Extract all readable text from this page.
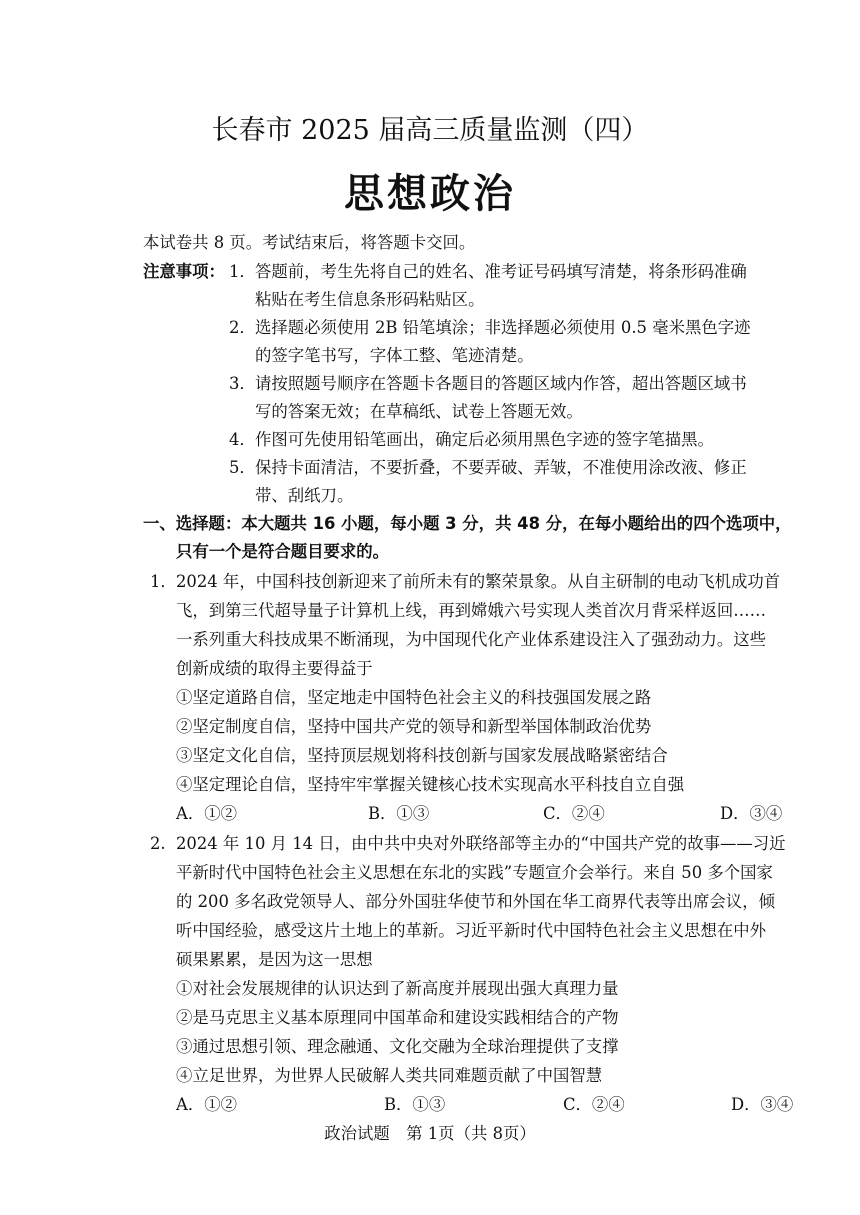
长春市 2025 届高三质量监测（四）
思想政治
本试卷共 8 页。考试结束后，将答题卡交回。
注意事项： 1． 答题前，考生先将自己的姓名、准考证号码填写清楚，将条形码准确
粘贴在考生信息条形码粘贴区。
2． 选择题必须使用 2B 铅笔填涂；非选择题必须使用 0.5 毫米黑色字迹
的签字笔书写，字体工整、笔迹清楚。
3． 请按照题号顺序在答题卡各题目的答题区域内作答，超出答题区域书
写的答案无效；在草稿纸、试卷上答题无效。
4． 作图可先使用铅笔画出，确定后必须用黑色字迹的签字笔描黑。
5． 保持卡面清洁，不要折叠，不要弄破、弄皱，不准使用涂改液、修正
带、刮纸刀。
一、选择题：本大题共 16 小题，每小题 3 分，共 48 分，在每小题给出的四个选项中，
只有一个是符合题目要求的。
1． 2024 年，中国科技创新迎来了前所未有的繁荣景象。从自主研制的电动飞机成功首
飞，到第三代超导量子计算机上线，再到嫦娥六号实现人类首次月背采样返回……
一系列重大科技成果不断涌现，为中国现代化产业体系建设注入了强劲动力。这些
创新成绩的取得主要得益于
①坚定道路自信，坚定地走中国特色社会主义的科技强国发展之路
②坚定制度自信，坚持中国共产党的领导和新型举国体制政治优势
③坚定文化自信，坚持顶层规划将科技创新与国家发展战略紧密结合
④坚定理论自信，坚持牢牢掌握关键核心技术实现高水平科技自立自强
A．①②	B．①③	C．②④	D．③④
2. 2024 年 10 月 14 日，由中共中央对外联络部等主办的“中国共产党的故事——习近
平新时代中国特色社会主义思想在东北的实践”专题宣介会举行。来自 50 多个国家
的 200 多名政党领导人、部分外国驻华使节和外国在华工商界代表等出席会议，倾
听中国经验，感受这片土地上的革新。习近平新时代中国特色社会主义思想在中外
硕果累累，是因为这一思想
①对社会发展规律的认识达到了新高度并展现出强大真理力量
②是马克思主义基本原理同中国革命和建设实践相结合的产物
③通过思想引领、理念融通、文化交融为全球治理提供了支撑
④立足世界，为世界人民破解人类共同难题贡献了中国智慧
A．①②	B．①③	C．②④	D．③④
政治试题　第 1页（共 8页）
